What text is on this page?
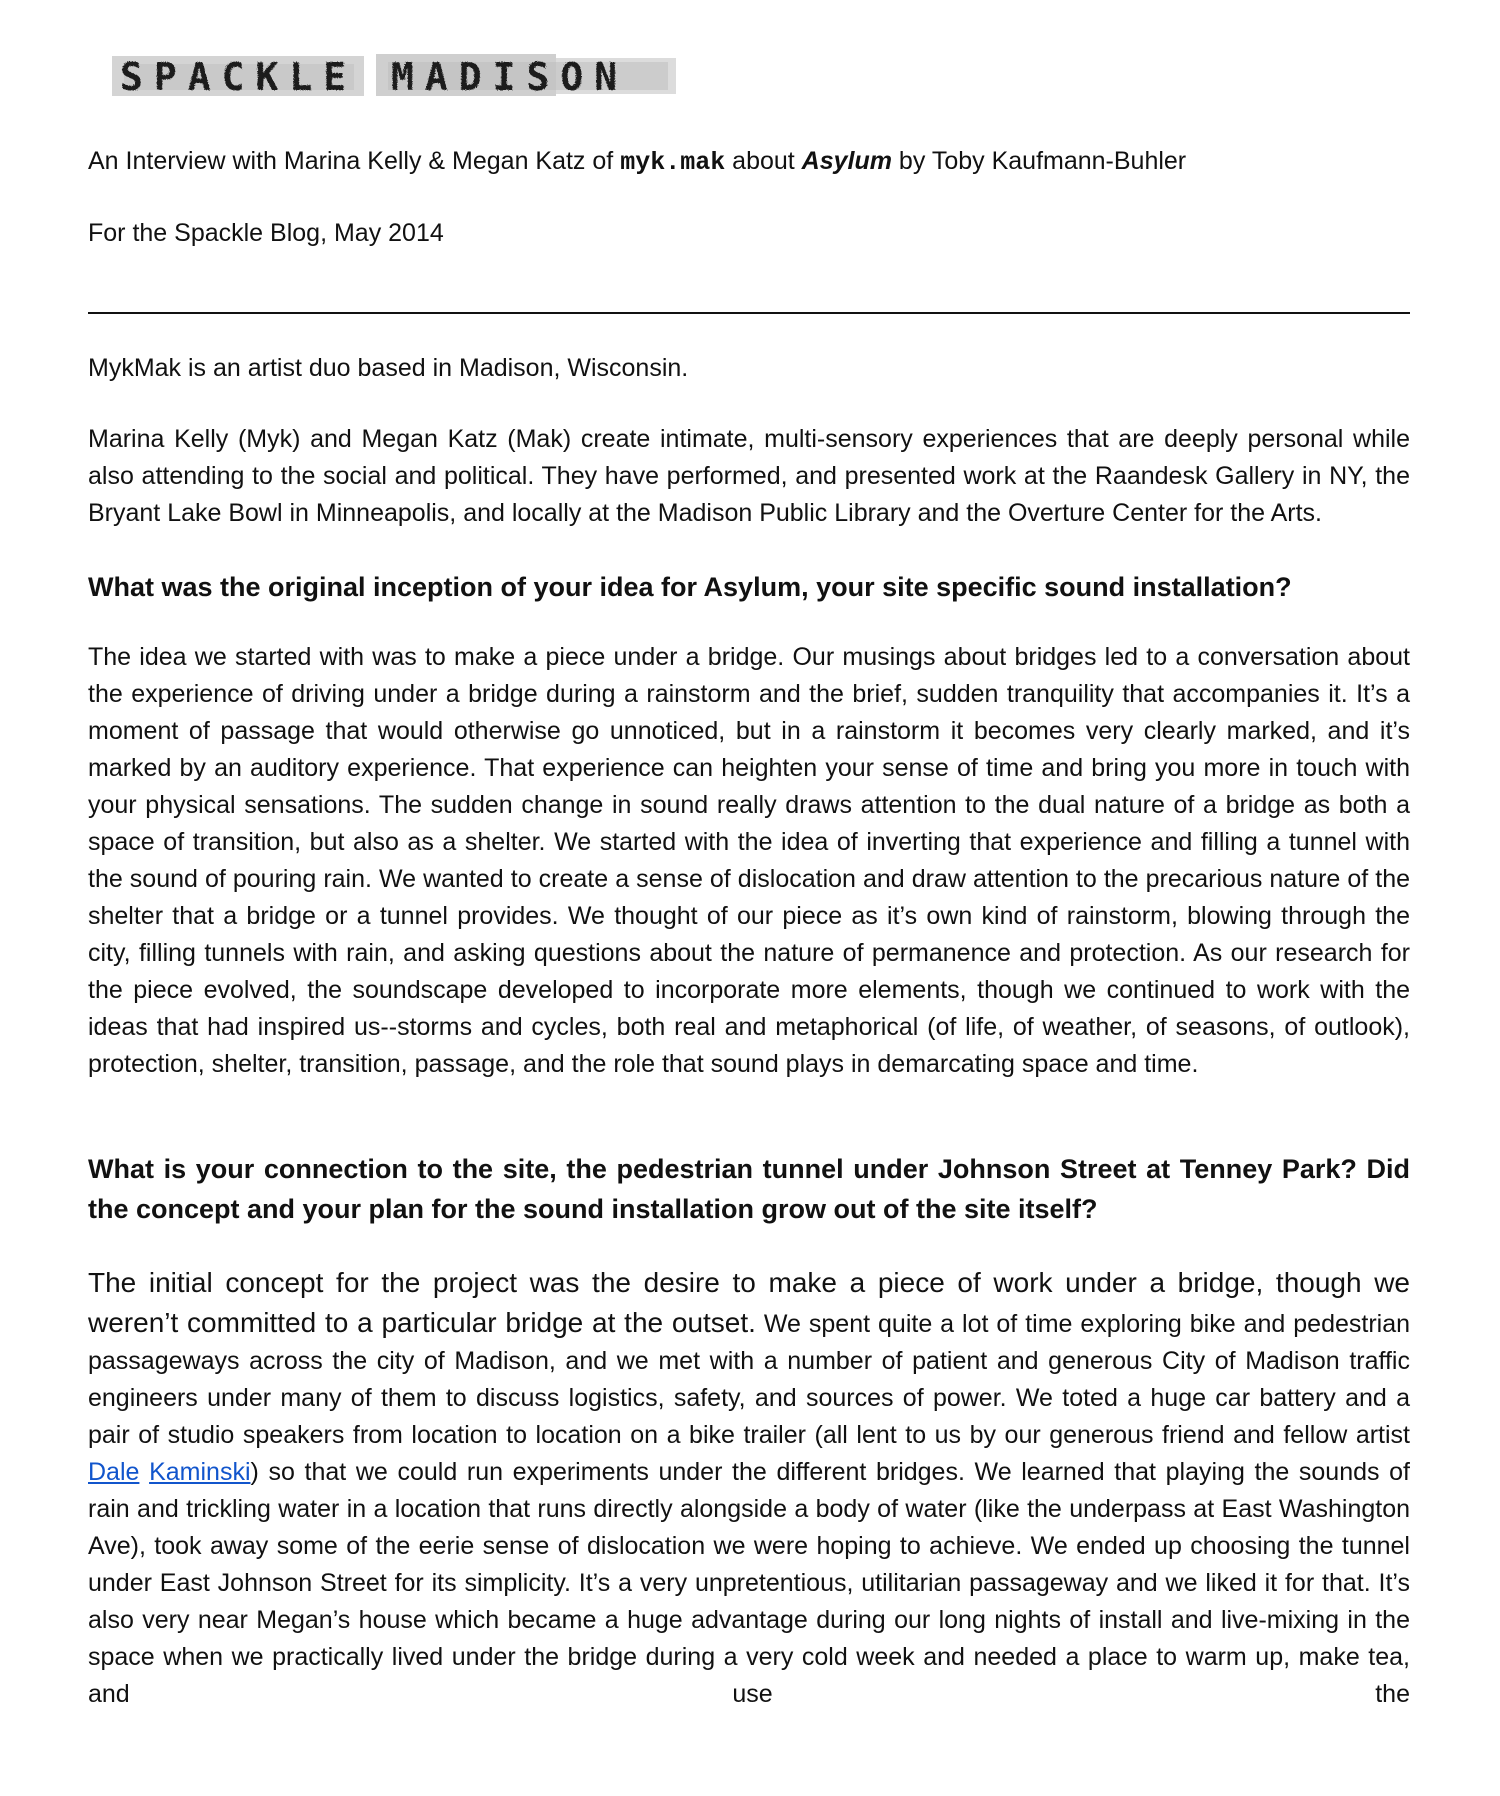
SPACKLE MADISON
An Interview with Marina Kelly & Megan Katz of myk.mak about Asylum by Toby Kaufmann-Buhler
For the Spackle Blog, May 2014

MykMak is an artist duo based in Madison, Wisconsin.

Marina Kelly (Myk) and Megan Katz (Mak) create intimate, multi-sensory experiences that are deeply personal while also attending to the social and political. They have performed, and presented work at the Raandesk Gallery in NY, the Bryant Lake Bowl in Minneapolis, and locally at the Madison Public Library and the Overture Center for the Arts.

What was the original inception of your idea for Asylum, your site specific sound installation?

The idea we started with was to make a piece under a bridge. Our musings about bridges led to a conversation about the experience of driving under a bridge during a rainstorm and the brief, sudden tranquility that accompanies it. It’s a moment of passage that would otherwise go unnoticed, but in a rainstorm it becomes very clearly marked, and it’s marked by an auditory experience. That experience can heighten your sense of time and bring you more in touch with your physical sensations. The sudden change in sound really draws attention to the dual nature of a bridge as both a space of transition, but also as a shelter. We started with the idea of inverting that experience and filling a tunnel with the sound of pouring rain. We wanted to create a sense of dislocation and draw attention to the precarious nature of the shelter that a bridge or a tunnel provides. We thought of our piece as it’s own kind of rainstorm, blowing through the city, filling tunnels with rain, and asking questions about the nature of permanence and protection. As our research for the piece evolved, the soundscape developed to incorporate more elements, though we continued to work with the ideas that had inspired us--storms and cycles, both real and metaphorical (of life, of weather, of seasons, of outlook), protection, shelter, transition, passage, and the role that sound plays in demarcating space and time.

What is your connection to the site, the pedestrian tunnel under Johnson Street at Tenney Park? Did the concept and your plan for the sound installation grow out of the site itself?

The initial concept for the project was the desire to make a piece of work under a bridge, though we weren’t committed to a particular bridge at the outset. We spent quite a lot of time exploring bike and pedestrian passageways across the city of Madison, and we met with a number of patient and generous City of Madison traffic engineers under many of them to discuss logistics, safety, and sources of power. We toted a huge car battery and a pair of studio speakers from location to location on a bike trailer (all lent to us by our generous friend and fellow artist Dale Kaminski) so that we could run experiments under the different bridges. We learned that playing the sounds of rain and trickling water in a location that runs directly alongside a body of water (like the underpass at East Washington Ave), took away some of the eerie sense of dislocation we were hoping to achieve. We ended up choosing the tunnel under East Johnson Street for its simplicity. It’s a very unpretentious, utilitarian passageway and we liked it for that. It’s also very near Megan’s house which became a huge advantage during our long nights of install and live-mixing in the space when we practically lived under the bridge during a very cold week and needed a place to warm up, make tea, and use the
